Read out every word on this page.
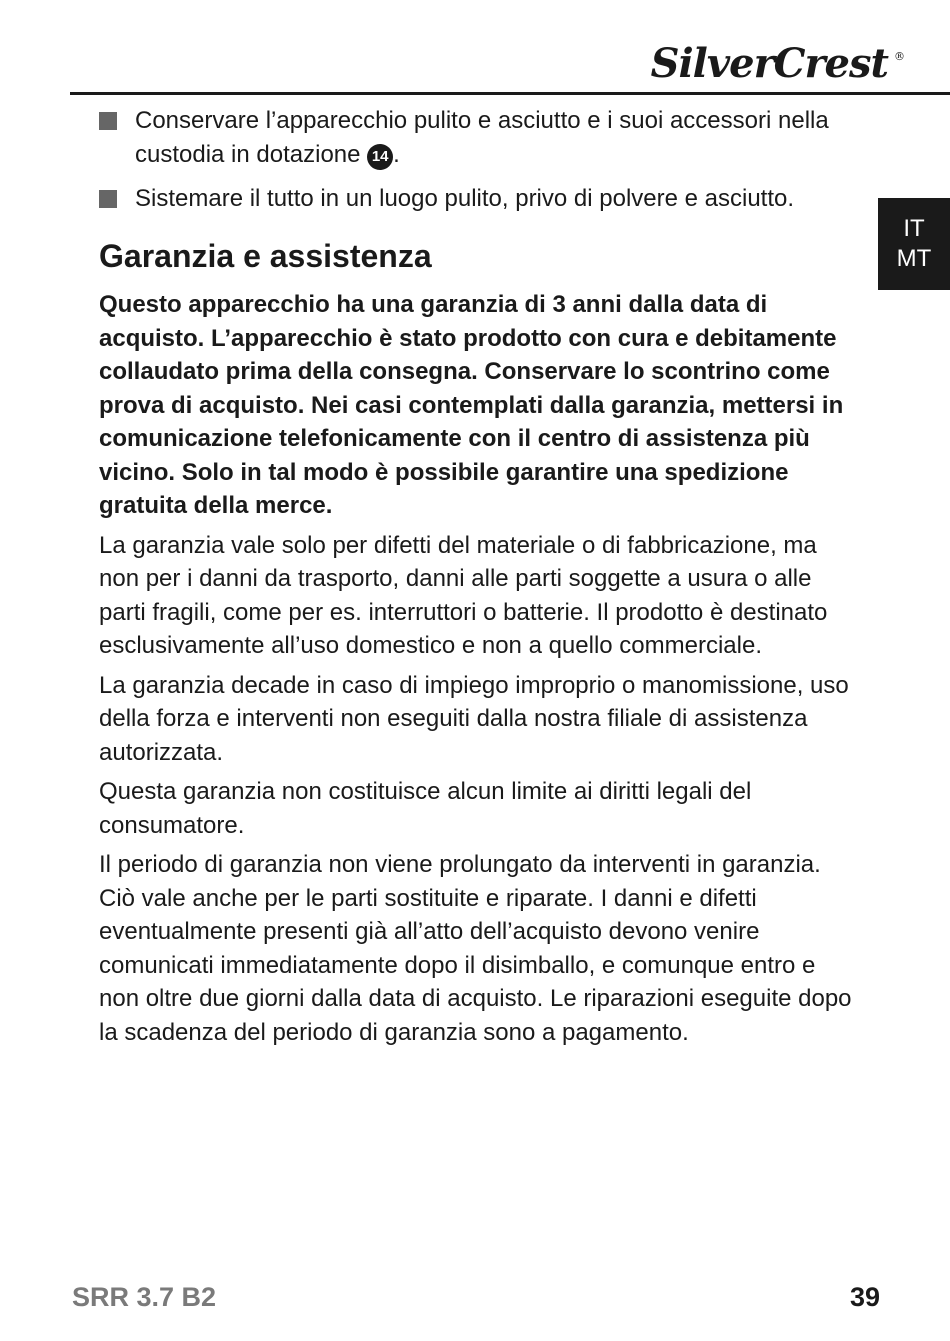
SilverCrest ®
IT
MT
Conservare l’apparecchio pulito e asciutto e i suoi accessori nella custodia in dotazione 14 .
Sistemare il tutto in un luogo pulito, privo di polvere e asciutto.
Garanzia e assistenza

Questo apparecchio ha una garanzia di 3 anni dalla data di acquisto. L’apparecchio è stato prodotto con cura e debitamente collaudato prima della consegna. Conservare lo scontrino come prova di acquisto. Nei casi contemplati dalla garanzia, mettersi in comunicazione telefonicamente con il centro di assistenza più vicino. Solo in tal modo è possibile garantire una spedizione gratuita della merce.

La garanzia vale solo per difetti del materiale o di fabbricazione, ma non per i danni da trasporto, danni alle parti soggette a usura o alle parti fragili, come per es. interruttori o batterie. Il prodotto è destinato esclusivamente all’uso domestico e non a quello commerciale.

La garanzia decade in caso di impiego improprio o manomissione, uso della forza e interventi non eseguiti dalla nostra filiale di assistenza autorizzata.

Questa garanzia non costituisce alcun limite ai diritti legali del consumatore.

Il periodo di garanzia non viene prolungato da interventi in garanzia. Ciò vale anche per le parti sostituite e riparate. I danni e difetti eventualmente presenti già all’atto dell’acquisto devono venire comunicati immediatamente dopo il disimballo, e comunque entro e non oltre due giorni dalla data di acquisto. Le riparazioni eseguite dopo la scadenza del periodo di garanzia sono a pagamento.

SRR 3.7 B2	39
